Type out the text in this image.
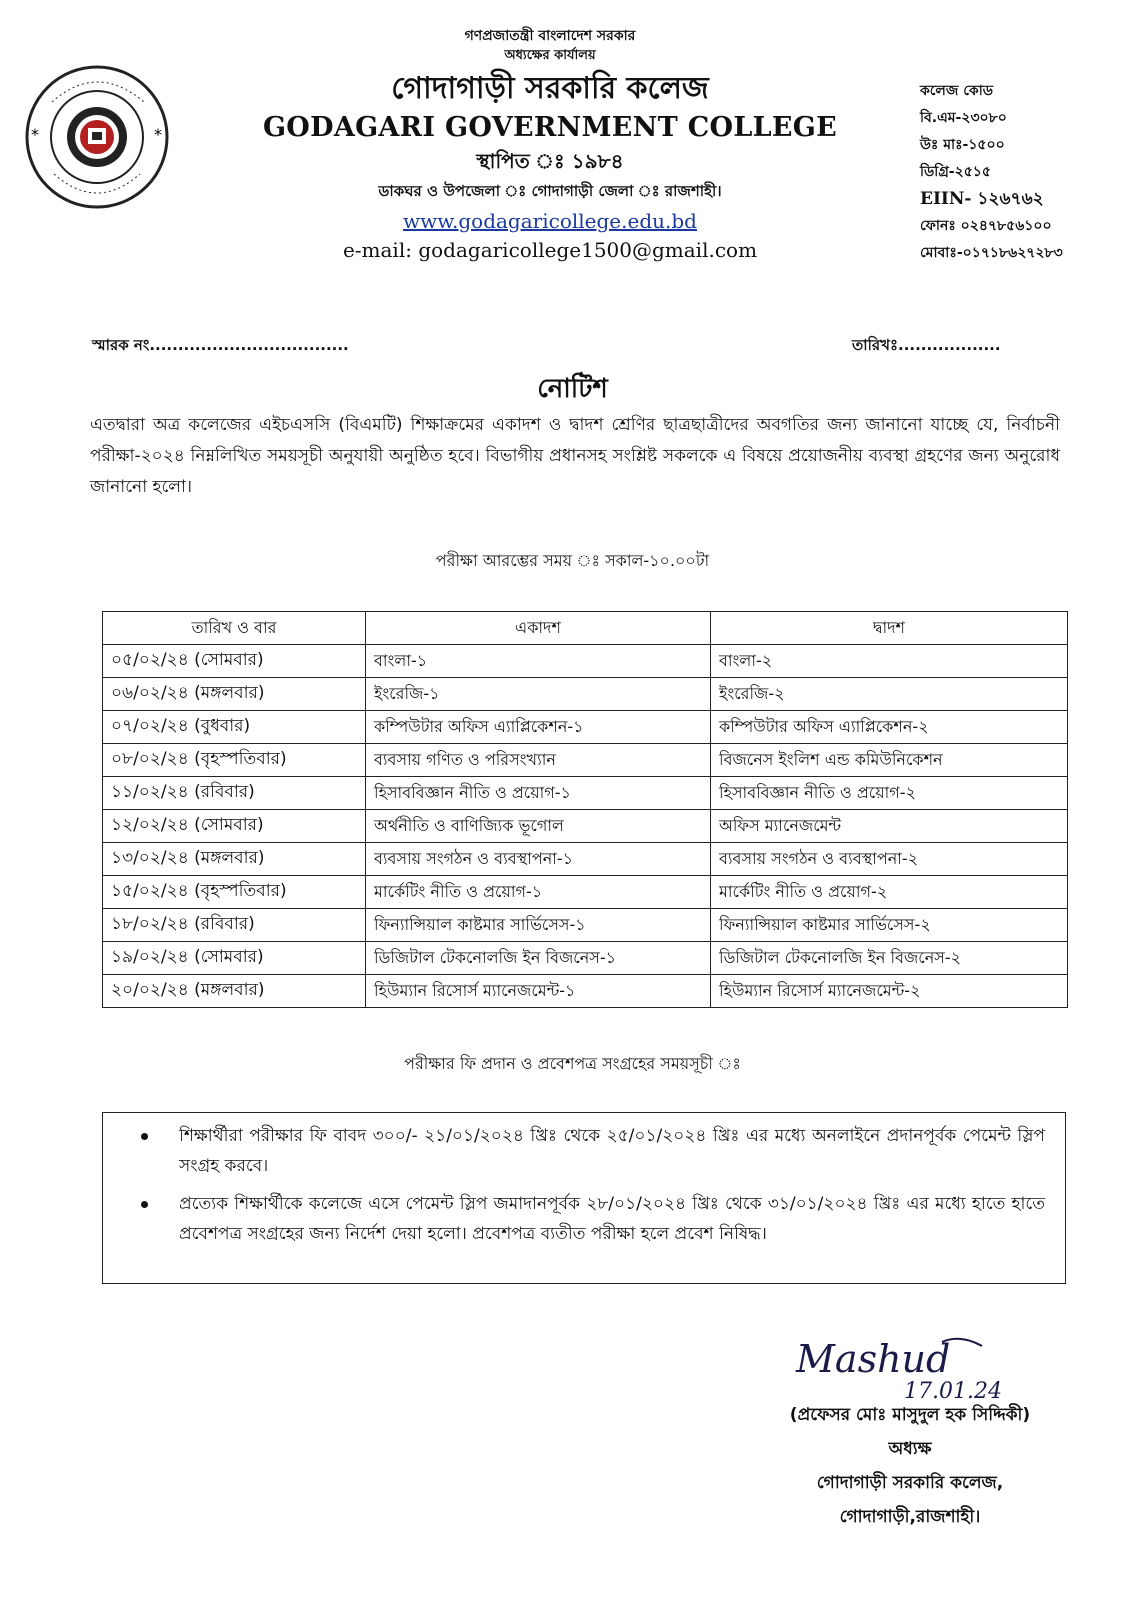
*	*
গণপ্রজাতন্ত্রী বাংলাদেশ সরকার
অধ্যক্ষের কার্যালয়
গোদাগাড়ী সরকারি কলেজ
GODAGARI GOVERNMENT COLLEGE
স্থাপিত ঃ ১৯৮৪
ডাকঘর ও উপজেলা ঃ গোদাগাড়ী জেলা ঃ রাজশাহী।
www.godagaricollege.edu.bd
e-mail: godagaricollege1500@gmail.com
কলেজ কোড
বি.এম-২৩০৮০
উঃ মাঃ-১৫০০
ডিগ্রি-২৫১৫
EIIN- ১২৬৭৬২
ফোনঃ ০২৪৭৮৫৬১০০
মোবাঃ-০১৭১৮৬২৭২৮৩
স্মারক নং...................................	তারিখঃ..................
নোটিশ
এতদ্বারা অত্র কলেজের এইচএসসি (বিএমটি) শিক্ষাক্রমের একাদশ ও দ্বাদশ শ্রেণির ছাত্রছাত্রীদের অবগতির জন্য জানানো যাচ্ছে যে, নির্বাচনী পরীক্ষা-২০২৪ নিম্নলিখিত সময়সূচী অনুযায়ী অনুষ্ঠিত হবে। বিভাগীয় প্রধানসহ সংশ্লিষ্ট সকলকে এ বিষয়ে প্রয়োজনীয় ব্যবস্থা গ্রহণের জন্য অনুরোধ জানানো হলো।
পরীক্ষা আরম্ভের সময় ঃ সকাল-১০.০০টা
তারিখ ও বার	একাদশ	দ্বাদশ
০৫/০২/২৪ (সোমবার)	বাংলা-১	বাংলা-২
০৬/০২/২৪ (মঙ্গলবার)	ইংরেজি-১	ইংরেজি-২
০৭/০২/২৪ (বুধবার)	কম্পিউটার অফিস এ্যাপ্লিকেশন-১	কম্পিউটার অফিস এ্যাপ্লিকেশন-২
০৮/০২/২৪ (বৃহস্পতিবার)	ব্যবসায় গণিত ও পরিসংখ্যান	বিজনেস ইংলিশ এন্ড কমিউনিকেশন
১১/০২/২৪ (রবিবার)	হিসাববিজ্ঞান নীতি ও প্রয়োগ-১	হিসাববিজ্ঞান নীতি ও প্রয়োগ-২
১২/০২/২৪ (সোমবার)	অর্থনীতি ও বাণিজ্যিক ভূগোল	অফিস ম্যানেজমেন্ট
১৩/০২/২৪ (মঙ্গলবার)	ব্যবসায় সংগঠন ও ব্যবস্থাপনা-১	ব্যবসায় সংগঠন ও ব্যবস্থাপনা-২
১৫/০২/২৪ (বৃহস্পতিবার)	মার্কেটিং নীতি ও প্রয়োগ-১	মার্কেটিং নীতি ও প্রয়োগ-২
১৮/০২/২৪ (রবিবার)	ফিন্যান্সিয়াল কাষ্টমার সার্ভিসেস-১	ফিন্যান্সিয়াল কাষ্টমার সার্ভিসেস-২
১৯/০২/২৪ (সোমবার)	ডিজিটাল টেকনোলজি ইন বিজনেস-১	ডিজিটাল টেকনোলজি ইন বিজনেস-২
২০/০২/২৪ (মঙ্গলবার)	হিউম্যান রিসোর্স ম্যানেজমেন্ট-১	হিউম্যান রিসোর্স ম্যানেজমেন্ট-২
পরীক্ষার ফি প্রদান ও প্রবেশপত্র সংগ্রহের সময়সূচী ঃ
শিক্ষার্থীরা পরীক্ষার ফি বাবদ ৩০০/- ২১/০১/২০২৪ খ্রিঃ থেকে ২৫/০১/২০২৪ খ্রিঃ এর মধ্যে অনলাইনে প্রদানপূর্বক পেমেন্ট স্লিপ সংগ্রহ করবে।
প্রত্যেক শিক্ষার্থীকে কলেজে এসে পেমেন্ট স্লিপ জমাদানপূর্বক ২৮/০১/২০২৪ খ্রিঃ থেকে ৩১/০১/২০২৪ খ্রিঃ এর মধ্যে হাতে হাতে প্রবেশপত্র সংগ্রহের জন্য নির্দেশ দেয়া হলো। প্রবেশপত্র ব্যতীত পরীক্ষা হলে প্রবেশ নিষিদ্ধ।
Mashud
17.01.24
(প্রফেসর মোঃ মাসুদুল হক সিদ্দিকী)
অধ্যক্ষ
গোদাগাড়ী সরকারি কলেজ,
গোদাগাড়ী,রাজশাহী।
